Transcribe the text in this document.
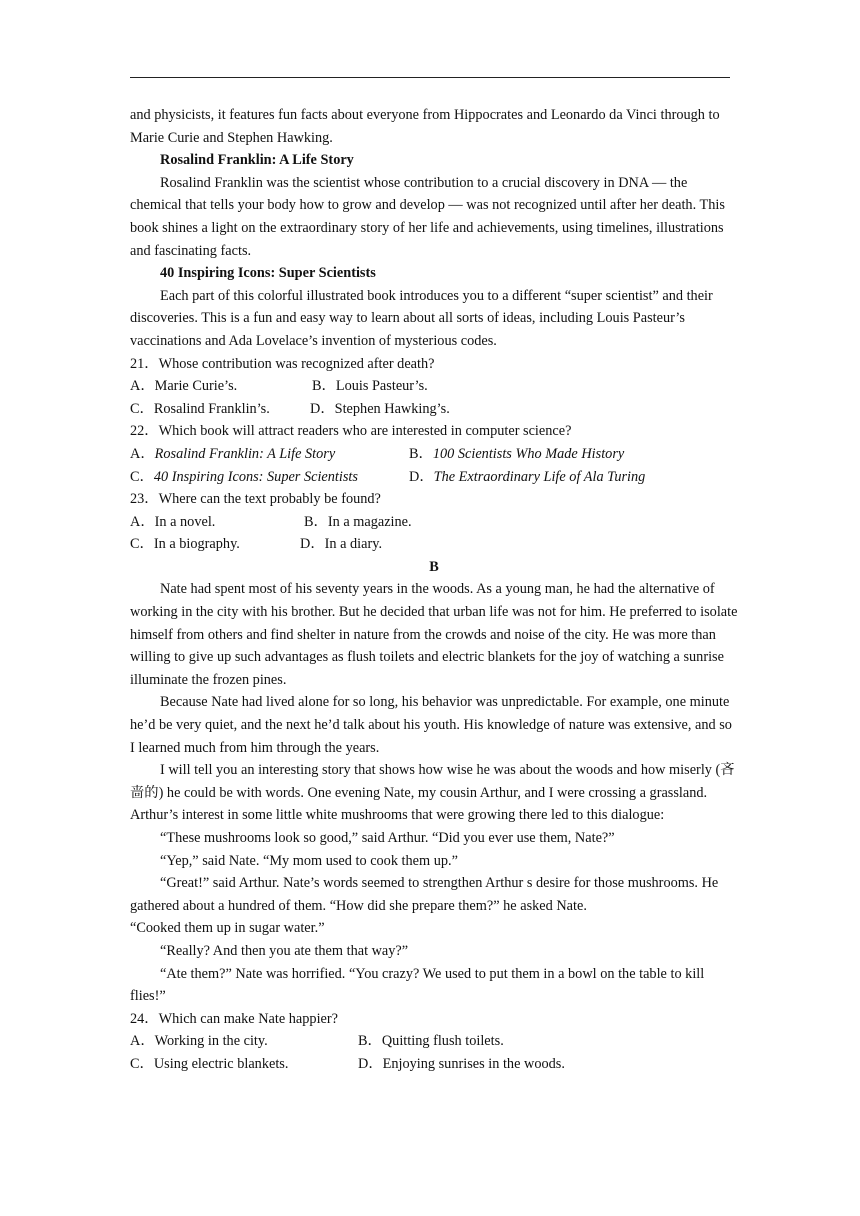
and physicists, it features fun facts about everyone from Hippocrates and Leonardo da Vinci through to Marie Curie and Stephen Hawking.

Rosalind Franklin: A Life Story

Rosalind Franklin was the scientist whose contribution to a crucial discovery in DNA — the chemical that tells your body how to grow and develop — was not recognized until after her death. This book shines a light on the extraordinary story of her life and achievements, using timelines, illustrations and fascinating facts.

40 Inspiring Icons: Super Scientists

Each part of this colorful illustrated book introduces you to a different “super scientist” and their discoveries. This is a fun and easy way to learn about all sorts of ideas, including Louis Pasteur’s vaccinations and Ada Lovelace’s invention of mysterious codes.

21．Whose contribution was recognized after death?

A．Marie Curie’s.	B．Louis Pasteur’s.
C．Rosalind Franklin’s.	D．Stephen Hawking’s.

22．Which book will attract readers who are interested in computer science?

A．Rosalind Franklin: A Life Story	B．100 Scientists Who Made History
C．40 Inspiring Icons: Super Scientists	D．The Extraordinary Life of Ala Turing

23．Where can the text probably be found?

A．In a novel.	B．In a magazine.
C．In a biography.	D．In a diary.

B

Nate had spent most of his seventy years in the woods. As a young man, he had the alternative of working in the city with his brother. But he decided that urban life was not for him. He preferred to isolate himself from others and find shelter in nature from the crowds and noise of the city. He was more than willing to give up such advantages as flush toilets and electric blankets for the joy of watching a sunrise illuminate the frozen pines.

Because Nate had lived alone for so long, his behavior was unpredictable. For example, one minute he’d be very quiet, and the next he’d talk about his youth. His knowledge of nature was extensive, and so I learned much from him through the years.

I will tell you an interesting story that shows how wise he was about the woods and how miserly (吝啬的) he could be with words. One evening Nate, my cousin Arthur, and I were crossing a grassland. Arthur’s interest in some little white mushrooms that were growing there led to this dialogue:

“These mushrooms look so good,” said Arthur. “Did you ever use them, Nate?”

“Yep,” said Nate. “My mom used to cook them up.”

“Great!” said Arthur. Nate’s words seemed to strengthen Arthur s desire for those mushrooms. He gathered about a hundred of them. “How did she prepare them?” he asked Nate.

“Cooked them up in sugar water.”

“Really? And then you ate them that way?”

“Ate them?” Nate was horrified. “You crazy? We used to put them in a bowl on the table to kill flies!”

24．Which can make Nate happier?

A．Working in the city.	B．Quitting flush toilets.
C．Using electric blankets.	D．Enjoying sunrises in the woods.
